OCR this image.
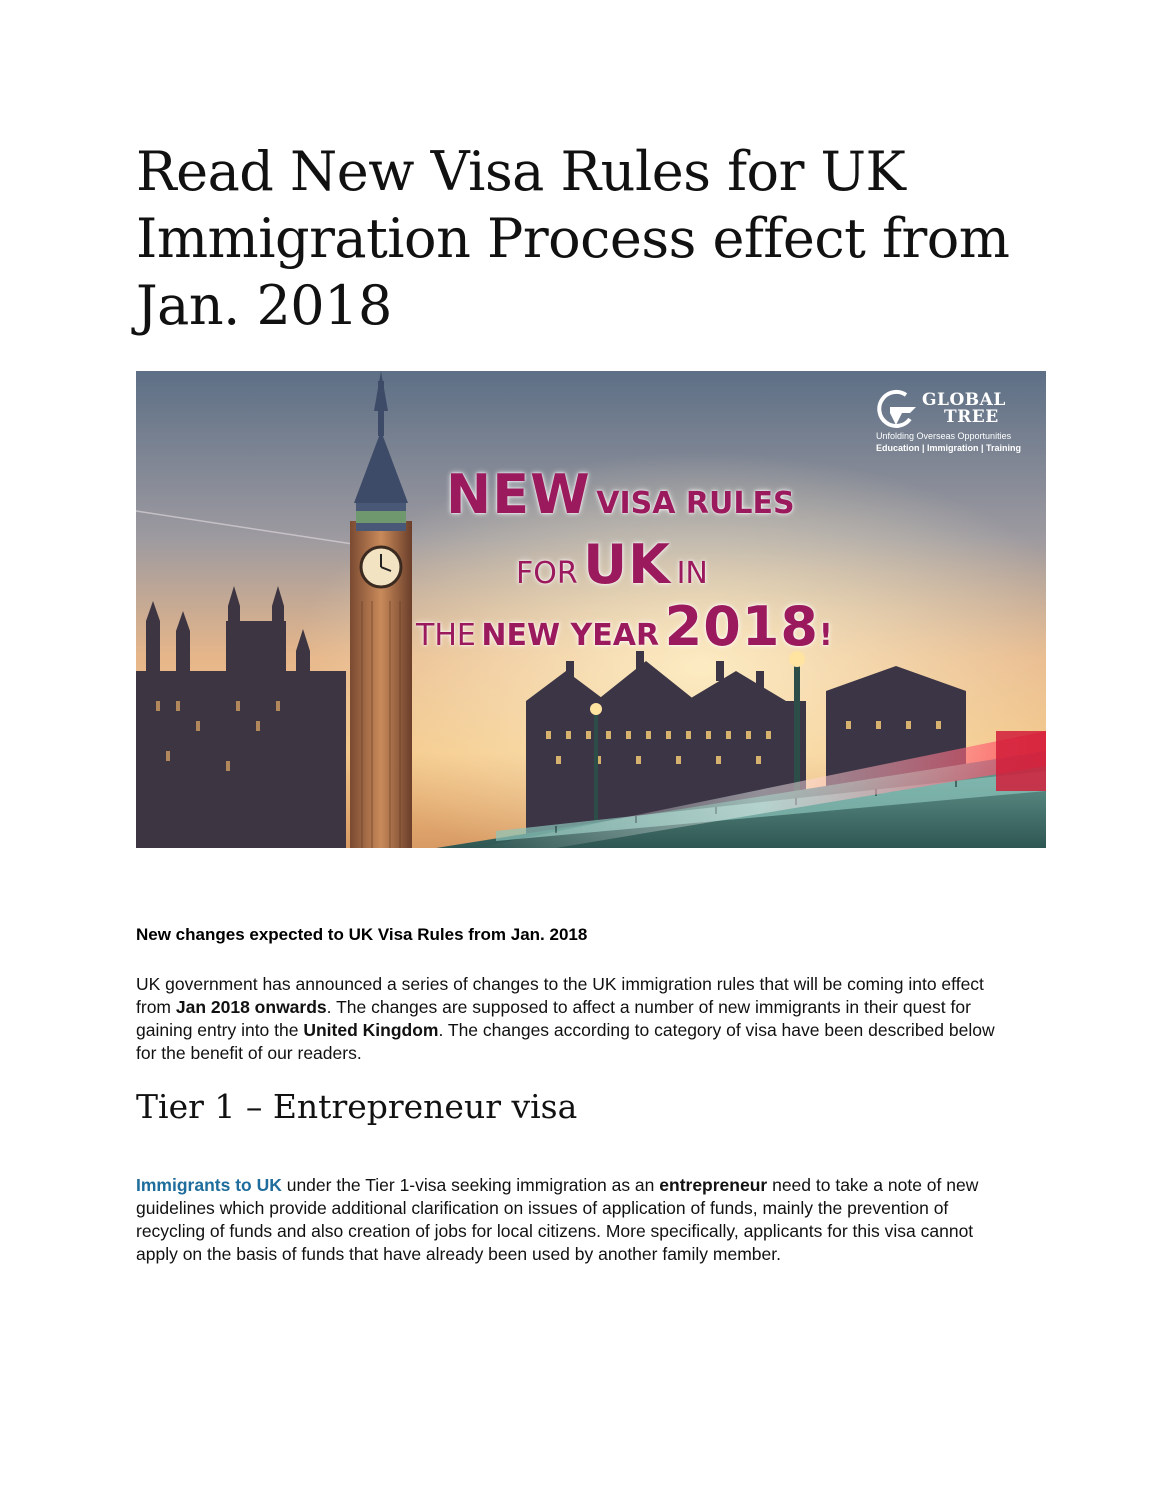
Read New Visa Rules for UK Immigration Process effect from Jan. 2018
GLOBAL
TREE
Unfolding Overseas Opportunities
Education | Immigration | Training
NEW VISA RULES
FOR UK IN
THE NEW YEAR 2018!
New changes expected to UK Visa Rules from Jan. 2018

UK government has announced a series of changes to the UK immigration rules that will be coming into effect from Jan 2018 onwards. The changes are supposed to affect a number of new immigrants in their quest for gaining entry into the United Kingdom. The changes according to category of visa have been described below for the benefit of our readers.

Tier 1 – Entrepreneur visa

Immigrants to UK under the Tier 1-visa seeking immigration as an entrepreneur need to take a note of new guidelines which provide additional clarification on issues of application of funds, mainly the prevention of recycling of funds and also creation of jobs for local citizens. More specifically, applicants for this visa cannot apply on the basis of funds that have already been used by another family member.
